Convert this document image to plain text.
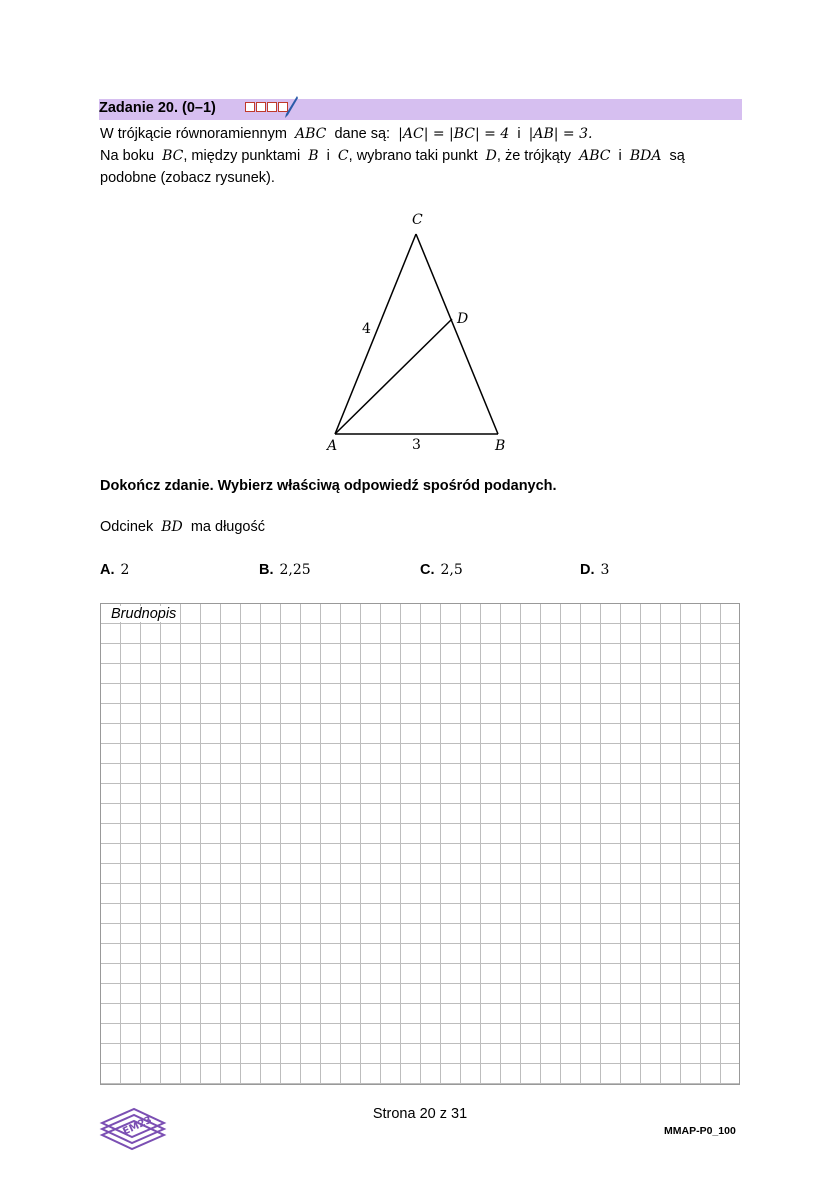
Zadanie 20. (0–1)
W trójkącie równoramiennym ABC dane są: |AC| = |BC| = 4 i |AB| = 3.
Na boku BC, między punktami B i C, wybrano taki punkt D, że trójkąty ABC i BDA są
podobne (zobacz rysunek).
C
D
A	B
4
3
Dokończ zdanie. Wybierz właściwą odpowiedź spośród podanych.
Odcinek BD ma długość
A. 2	B. 2,25	C. 2,5	D. 3
Brudnopis
EM23
Strona 20 z 31
MMAP-P0_100
